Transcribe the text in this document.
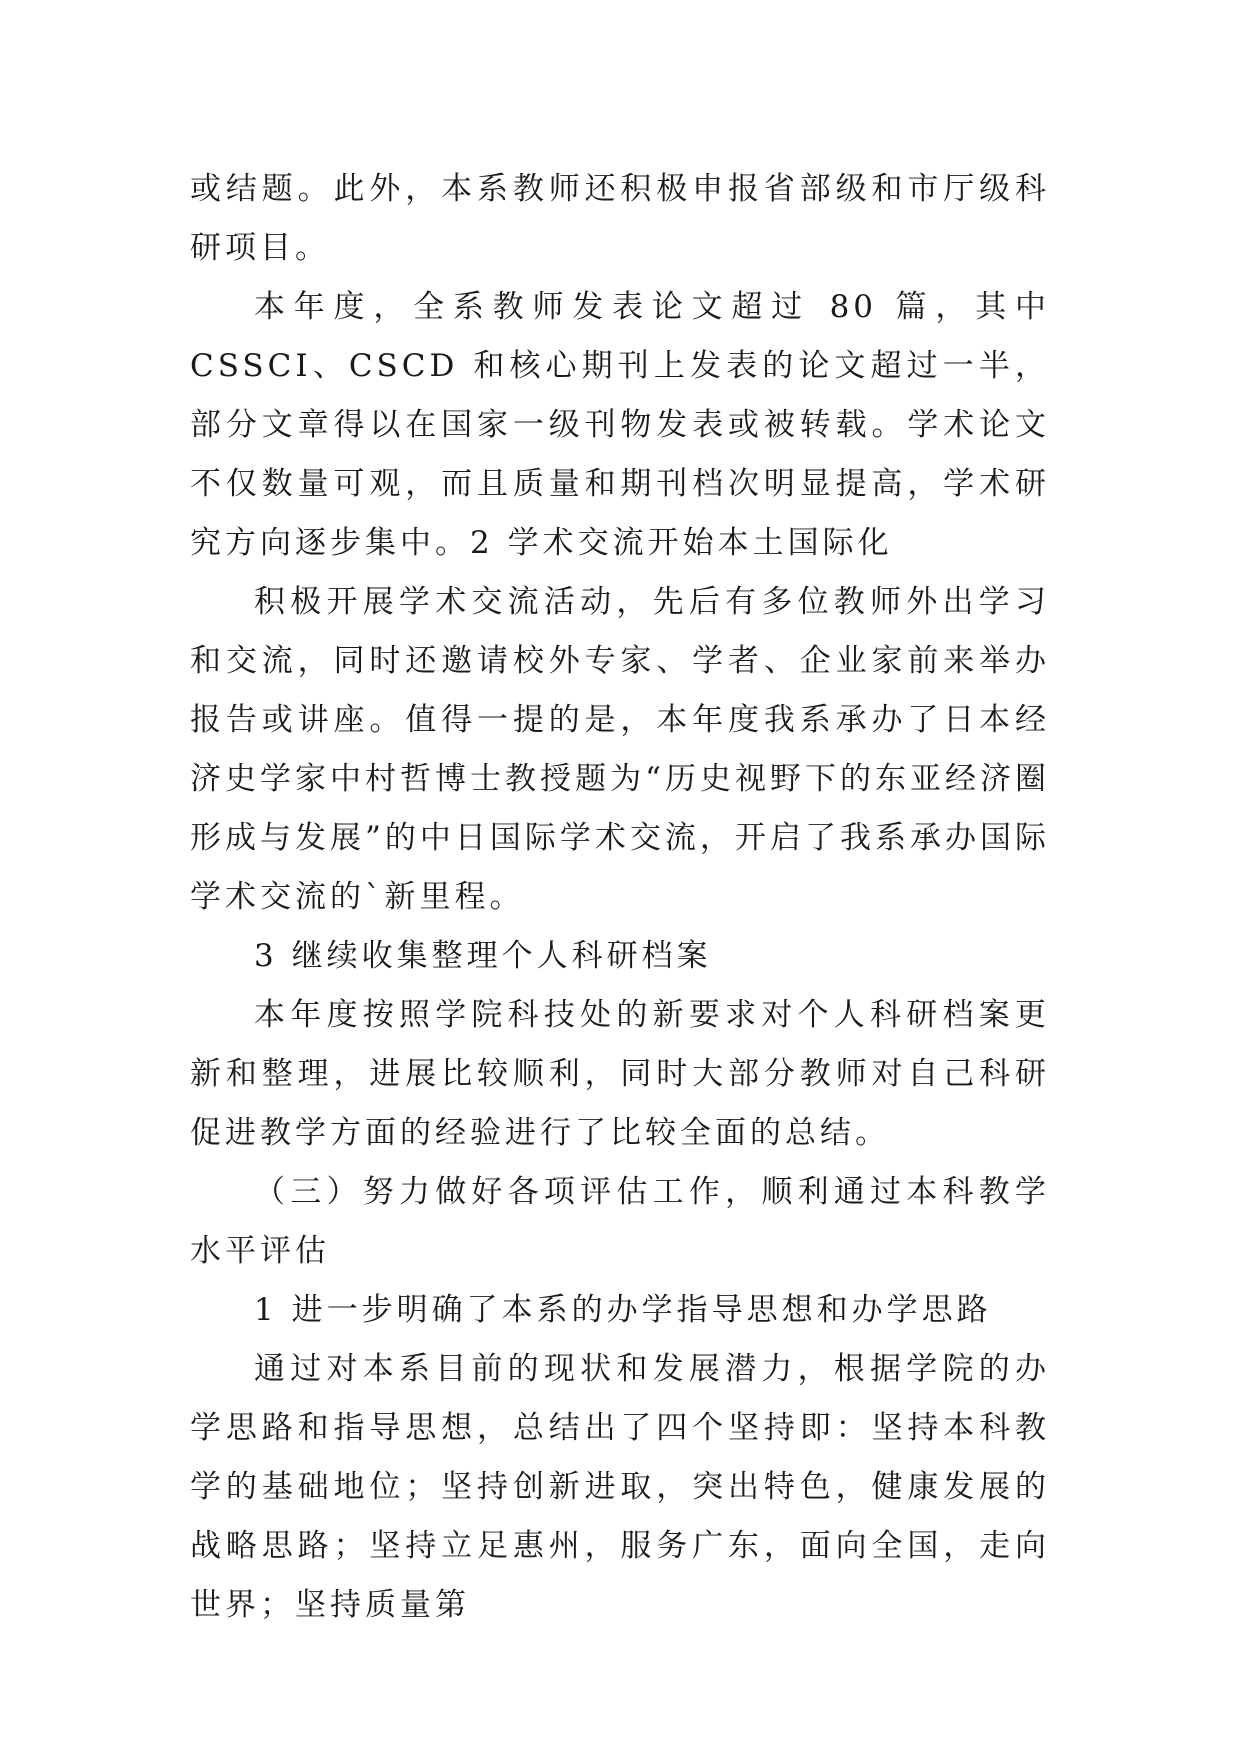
或结题。此外，本系教师还积极申报省部级和市厅级科研项目。

本年度，全系教师发表论文超过 80 篇，其中 CSSCI、CSCD 和核心期刊上发表的论文超过一半，部分文章得以在国家一级刊物发表或被转载。学术论文不仅数量可观，而且质量和期刊档次明显提高，学术研究方向逐步集中。2 学术交流开始本土国际化

积极开展学术交流活动，先后有多位教师外出学习和交流，同时还邀请校外专家、学者、企业家前来举办报告或讲座。值得一提的是，本年度我系承办了日本经济史学家中村哲博士教授题为“历史视野下的东亚经济圈形成与发展”的中日国际学术交流，开启了我系承办国际学术交流的`新里程。

3 继续收集整理个人科研档案

本年度按照学院科技处的新要求对个人科研档案更新和整理，进展比较顺利，同时大部分教师对自己科研促进教学方面的经验进行了比较全面的总结。

（三）努力做好各项评估工作，顺利通过本科教学水平评估

1 进一步明确了本系的办学指导思想和办学思路

通过对本系目前的现状和发展潜力，根据学院的办学思路和指导思想，总结出了四个坚持即：坚持本科教学的基础地位；坚持创新进取，突出特色，健康发展的战略思路；坚持立足惠州，服务广东，面向全国，走向世界；坚持质量第
